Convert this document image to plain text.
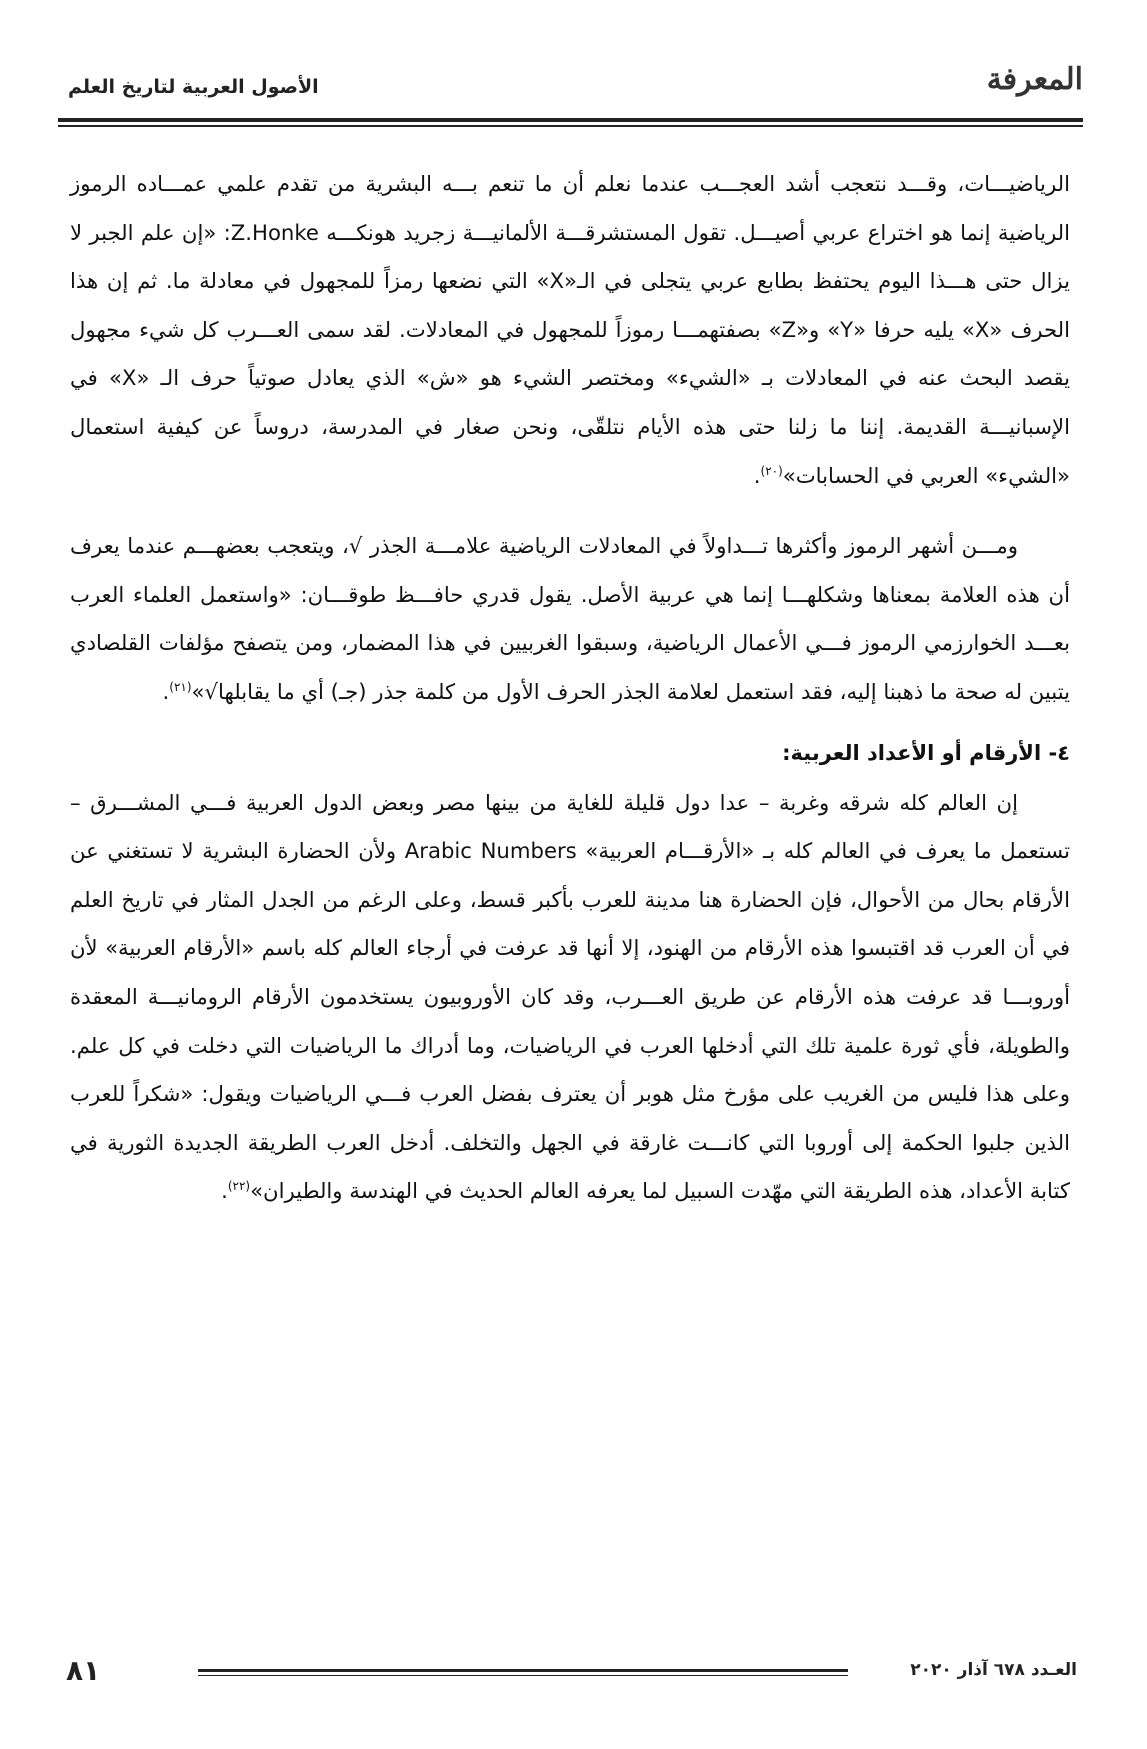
المعرفة
الأصول العربية لتاريخ العلم

الرياضيـــات، وقـــد نتعجب أشد العجـــب عندما نعلم أن ما تنعم بـــه البشرية من تقدم علمي عمـــاده الرموز الرياضية إنما هو اختراع عربي أصيـــل. تقول المستشرقـــة الألمانيـــة زجريد هونكـــه Z.Honke: «إن علم الجبر لا يزال حتى هـــذا اليوم يحتفظ بطابع عربي يتجلى في الـ«X» التي نضعها رمزاً للمجهول في معادلة ما. ثم إن هذا الحرف «X» يليه حرفا «Y» و«Z» بصفتهمـــا رموزاً للمجهول في المعادلات. لقد سمى العـــرب كل شيء مجهول يقصد البحث عنه في المعادلات بـ «الشيء» ومختصر الشيء هو «ش» الذي يعادل صوتياً حرف الـ «X» في الإسبانيـــة القديمة. إننا ما زلنا حتى هذه الأيام نتلقّى، ونحن صغار في المدرسة، دروساً عن كيفية استعمال «الشيء» العربي في الحسابات»$^{(٢٠)}$.

ومـــن أشهر الرموز وأكثرها تـــداولاً في المعادلات الرياضية علامـــة الجذر √، ويتعجب بعضهـــم عندما يعرف أن هذه العلامة بمعناها وشكلهـــا إنما هي عربية الأصل. يقول قدري حافـــظ طوقـــان: «واستعمل العلماء العرب بعـــد الخوارزمي الرموز فـــي الأعمال الرياضية، وسبقوا الغربيين في هذا المضمار، ومن يتصفح مؤلفات القلصادي يتبين له صحة ما ذهبنا إليه، فقد استعمل لعلامة الجذر الحرف الأول من كلمة جذر (جـ) أي ما يقابلها√»$^{(٢١)}$.

٤- الأرقام أو الأعداد العربية:

إن العالم كله شرقه وغربة – عدا دول قليلة للغاية من بينها مصر وبعض الدول العربية فـــي المشـــرق – تستعمل ما يعرف في العالم كله بـ «الأرقـــام العربية» Arabic Numbers ولأن الحضارة البشرية لا تستغني عن الأرقام بحال من الأحوال، فإن الحضارة هنا مدينة للعرب بأكبر قسط، وعلى الرغم من الجدل المثار في تاريخ العلم في أن العرب قد اقتبسوا هذه الأرقام من الهنود، إلا أنها قد عرفت في أرجاء العالم كله باسم «الأرقام العربية» لأن أوروبـــا قد عرفت هذه الأرقام عن طريق العـــرب، وقد كان الأوروبيون يستخدمون الأرقام الرومانيـــة المعقدة والطويلة، فأي ثورة علمية تلك التي أدخلها العرب في الرياضيات، وما أدراك ما الرياضيات التي دخلت في كل علم. وعلى هذا فليس من الغريب على مؤرخ مثل هوبر أن يعترف بفضل العرب فـــي الرياضيات ويقول: «شكراً للعرب الذين جلبوا الحكمة إلى أوروبا التي كانـــت غارقة في الجهل والتخلف. أدخل العرب الطريقة الجديدة الثورية في كتابة الأعداد، هذه الطريقة التي مهّدت السبيل لما يعرفه العالم الحديث في الهندسة والطيران»$^{(٢٢)}$.

٨١	العـدد ٦٧٨ آذار ٢٠٢٠
